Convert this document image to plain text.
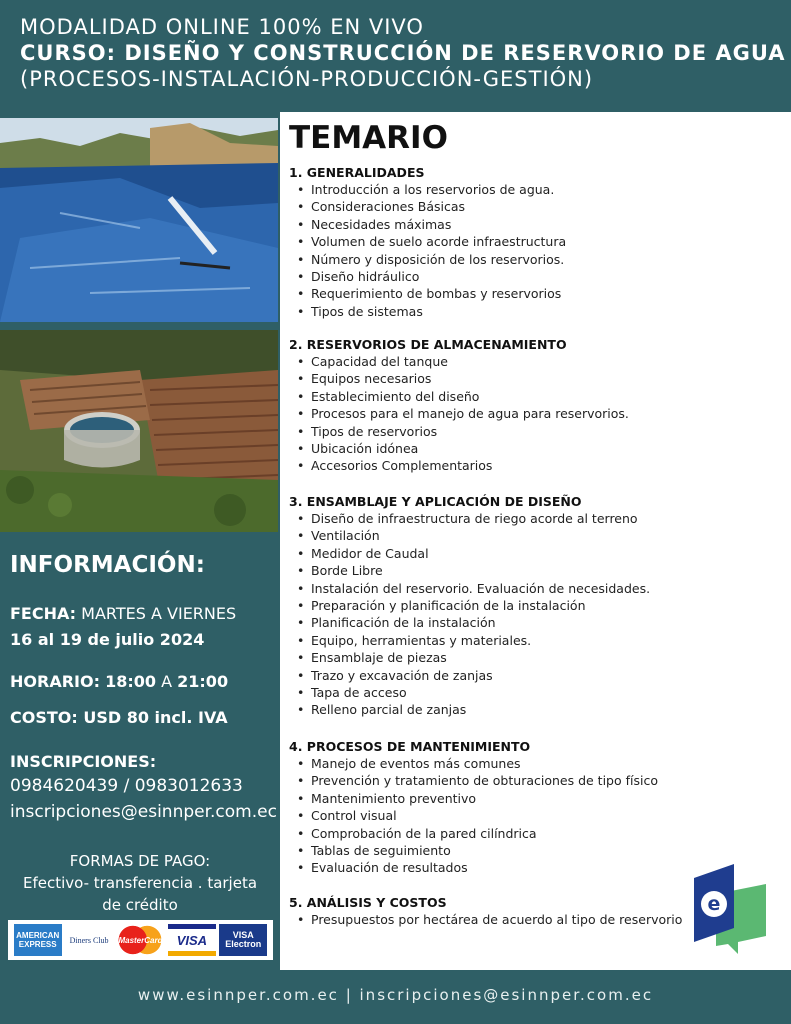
MODALIDAD ONLINE 100% EN VIVO
CURSO: DISEÑO Y CONSTRUCCIÓN DE RESERVORIO DE AGUA
(PROCESOS-INSTALACIÓN-PRODUCCIÓN-GESTIÓN)
INFORMACIÓN:
FECHA: MARTES A VIERNES
16 al 19 de julio 2024
HORARIO: 18:00 A 21:00
COSTO: USD 80 incl. IVA
INSCRIPCIONES:
0984620439 / 0983012633
inscripciones@esinnper.com.ec
FORMAS DE PAGO:
Efectivo- transferencia . tarjeta
de crédito
AMERICAN EXPRESS	Diners Club	MasterCard	VISA	VISA Electron
TEMARIO
1. GENERALIDADES
• Introducción a los reservorios de agua.
• Consideraciones Básicas
• Necesidades máximas
• Volumen de suelo acorde infraestructura
• Número y disposición de los reservorios.
• Diseño hidráulico
• Requerimiento de bombas y reservorios
• Tipos de sistemas
2. RESERVORIOS DE ALMACENAMIENTO
• Capacidad del tanque
• Equipos necesarios
• Establecimiento del diseño
• Procesos para el manejo de agua para reservorios.
• Tipos de reservorios
• Ubicación idónea
• Accesorios Complementarios
3. ENSAMBLAJE Y APLICACIÓN DE DISEÑO
• Diseño de infraestructura de riego acorde al terreno
• Ventilación
• Medidor de Caudal
• Borde Libre
• Instalación del reservorio. Evaluación de necesidades.
• Preparación y planificación de la instalación
• Planificación de la instalación
• Equipo, herramientas y materiales.
• Ensamblaje de piezas
• Trazo y excavación de zanjas
• Tapa de acceso
• Relleno parcial de zanjas
4. PROCESOS DE MANTENIMIENTO
• Manejo de eventos más comunes
• Prevención y tratamiento de obturaciones de tipo físico
• Mantenimiento preventivo
• Control visual
• Comprobación de la pared cilíndrica
• Tablas de seguimiento
• Evaluación de resultados
5. ANÁLISIS Y COSTOS
• Presupuestos por hectárea de acuerdo al tipo de reservorio
e
www.esinnper.com.ec | inscripciones@esinnper.com.ec
